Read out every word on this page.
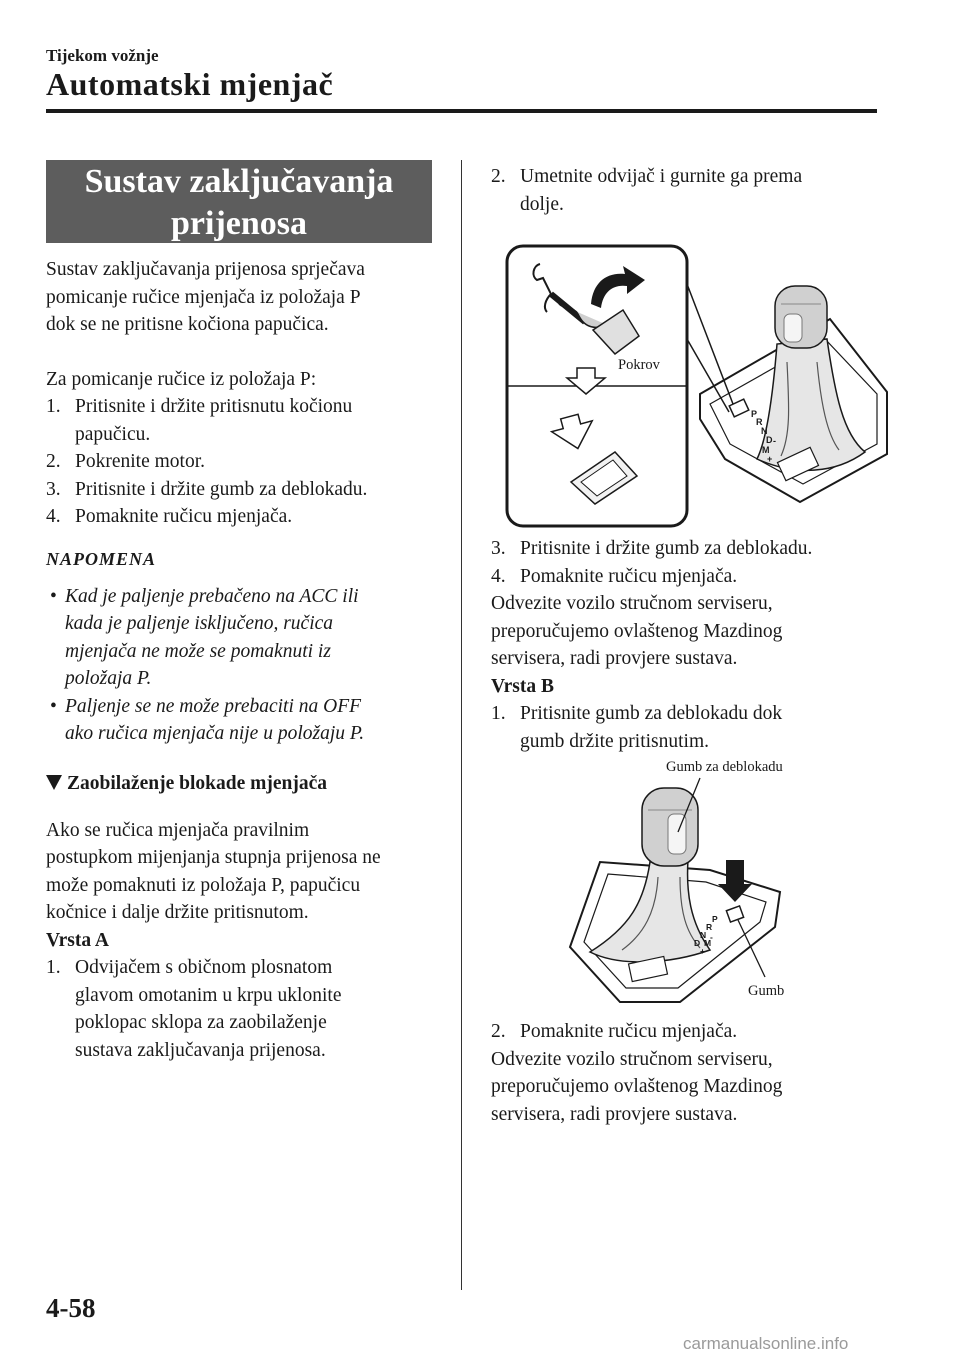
Tijekom vožnje
Automatski mjenjač
Sustav zaključavanja
prijenosa

Sustav zaključavanja prijenosa sprječava
pomicanje ručice mjenjača iz položaja P
dok se ne pritisne kočiona papučica.

Za pomicanje ručice iz položaja P:

1. Pritisnite i držite pritisnutu kočionu
papučicu.
2. Pokrenite motor.
3. Pritisnite i držite gumb za deblokadu.
4. Pomaknite ručicu mjenjača.
NAPOMENA
• Kad je paljenje prebačeno na ACC ili
kada je paljenje isključeno, ručica
mjenjača ne može se pomaknuti iz
položaja P.
• Paljenje se ne može prebaciti na OFF
ako ručica mjenjača nije u položaju P.
Zaobilaženje blokade mjenjača

Ako se ručica mjenjača pravilnim
postupkom mijenjanja stupnja prijenosa ne
može pomaknuti iz položaja P, papučicu
kočnice i dalje držite pritisnutom.

Vrsta A
1. Odvijačem s običnom plosnatom
glavom omotanim u krpu uklonite
poklopac sklopa za zaobilaženje
sustava zaključavanja prijenosa.
2. Umetnite odvijač i gurnite ga prema
dolje.
P
R
N
D
M
+
-
Pokrov
3. Pritisnite i držite gumb za deblokadu.
4. Pomaknite ručicu mjenjača.

Odvezite vozilo stručnom serviseru,
preporučujemo ovlaštenog Mazdinog
servisera, radi provjere sustava.

Vrsta B
1. Pritisnite gumb za deblokadu dok
gumb držite pritisnutim.
Gumb za deblokadu
Gumb
P
R
N
D M
+
-
2. Pomaknite ručicu mjenjača.

Odvezite vozilo stručnom serviseru,
preporučujemo ovlaštenog Mazdinog
servisera, radi provjere sustava.

4-58
carmanualsonline.info
